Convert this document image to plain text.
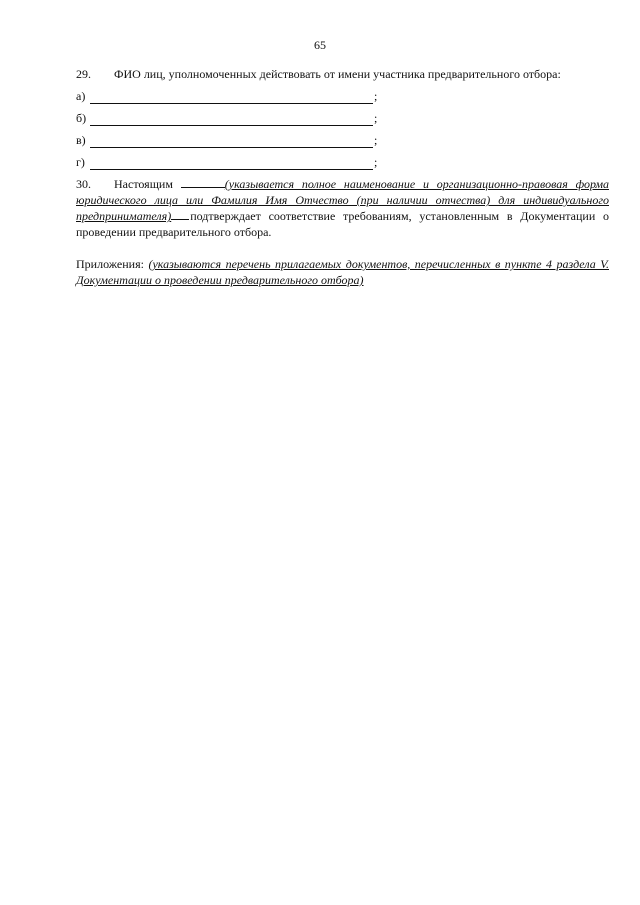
65
29. ФИО лиц, уполномоченных действовать от имени участника предварительного отбора:
а)	;
б)	;
в)	;
г)	;
30. Настоящим	(указывается полное наименование и организационно-правовая форма юридического лица или Фамилия Имя Отчество (при наличии отчества) для индивидуального предпринимателя) подтверждает соответствие требованиям, установленным в Документации о проведении предварительного отбора.
Приложения: (указываются перечень прилагаемых документов, перечисленных в пункте 4 раздела V. Документации о проведении предварительного отбора)
